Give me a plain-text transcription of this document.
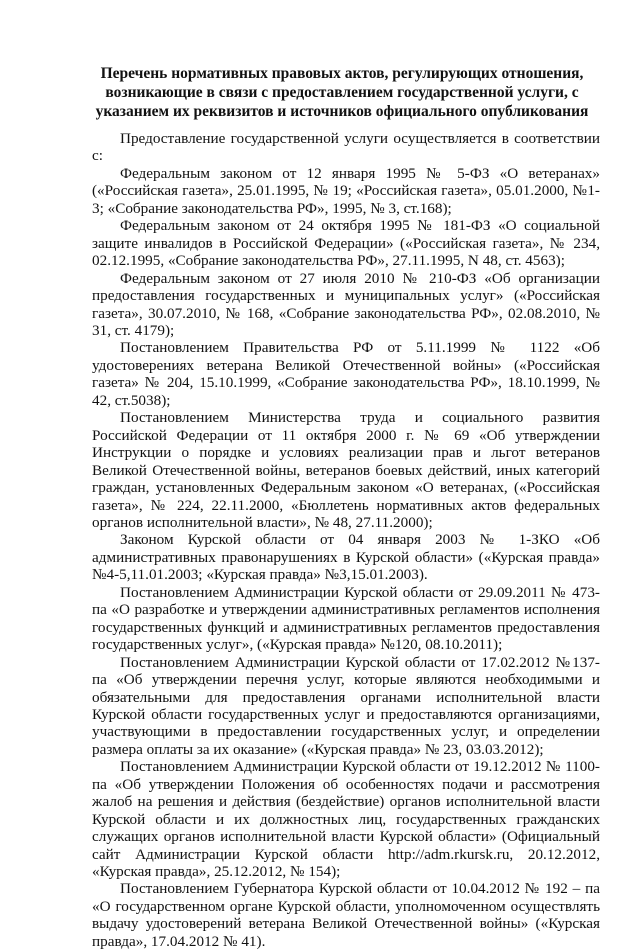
Перечень нормативных правовых актов, регулирующих отношения, возникающие в связи с предоставлением государственной услуги, с указанием их реквизитов и источников официального опубликования

Предоставление государственной услуги осуществляется в соответствии с:

Федеральным законом от 12 января 1995 № 5-ФЗ «О ветеранах» («Российская газета», 25.01.1995, № 19; «Российская газета», 05.01.2000, №1-3; «Собрание законодательства РФ», 1995, № 3, ст.168);

Федеральным законом от 24 октября 1995 № 181-ФЗ «О социальной защите инвалидов в Российской Федерации» («Российская газета», № 234, 02.12.1995, «Собрание законодательства РФ», 27.11.1995, N 48, ст. 4563);

Федеральным законом от 27 июля 2010 № 210-ФЗ «Об организации предоставления государственных и муниципальных услуг» («Российская газета», 30.07.2010, № 168, «Собрание законодательства РФ», 02.08.2010, № 31, ст. 4179);

Постановлением Правительства РФ от 5.11.1999 № 1122 «Об удостоверениях ветерана Великой Отечественной войны» («Российская газета» № 204, 15.10.1999, «Собрание законодательства РФ», 18.10.1999, № 42, ст.5038);

Постановлением Министерства труда и социального развития Российской Федерации от 11 октября 2000 г. № 69 «Об утверждении Инструкции о порядке и условиях реализации прав и льгот ветеранов Великой Отечественной войны, ветеранов боевых действий, иных категорий граждан, установленных Федеральным законом «О ветеранах, («Российская газета», № 224, 22.11.2000, «Бюллетень нормативных актов федеральных органов исполнительной власти», № 48, 27.11.2000);

Законом Курской области от 04 января 2003 № 1-ЗКО «Об административных правонарушениях в Курской области» («Курская правда» №4-5,11.01.2003; «Курская правда» №3,15.01.2003).

Постановлением Администрации Курской области от 29.09.2011 № 473-па «О разработке и утверждении административных регламентов исполнения государственных функций и административных регламентов предоставления государственных услуг», («Курская правда» №120, 08.10.2011);

Постановлением Администрации Курской области от 17.02.2012 №137-па «Об утверждении перечня услуг, которые являются необходимыми и обязательными для предоставления органами исполнительной власти Курской области государственных услуг и предоставляются организациями, участвующими в предоставлении государственных услуг, и определении размера оплаты за их оказание» («Курская правда» № 23, 03.03.2012);

Постановлением Администрации Курской области от 19.12.2012 № 1100-па «Об утверждении Положения об особенностях подачи и рассмотрения жалоб на решения и действия (бездействие) органов исполнительной власти Курской области и их должностных лиц, государственных гражданских служащих органов исполнительной власти Курской области» (Официальный сайт Администрации Курской области http://adm.rkursk.ru, 20.12.2012, «Курская правда», 25.12.2012, № 154);

Постановлением Губернатора Курской области от 10.04.2012 № 192 – па «О государственном органе Курской области, уполномоченном осуществлять выдачу удостоверений ветерана Великой Отечественной войны» («Курская правда», 17.04.2012 № 41).
